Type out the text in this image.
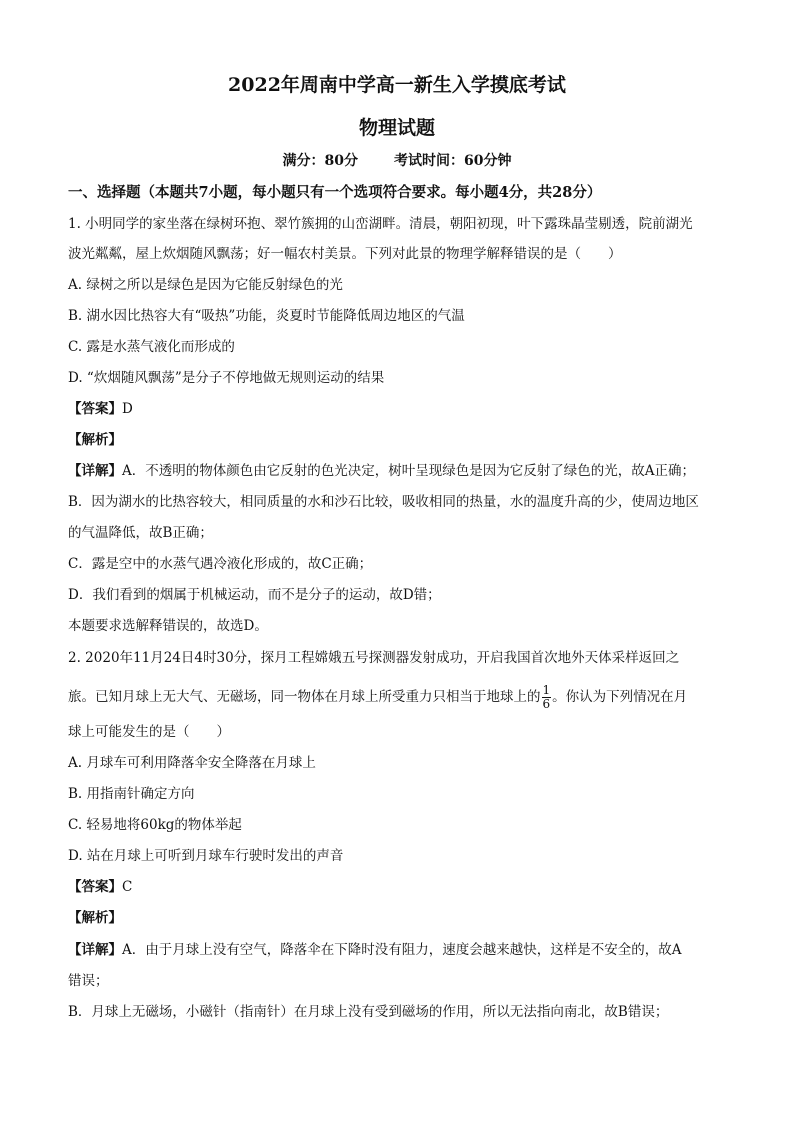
2022年周南中学高一新生入学摸底考试
物理试题
满分：80分	考试时间：60分钟
一、选择题（本题共7小题，每小题只有一个选项符合要求。每小题4分，共28分）
1. 小明同学的家坐落在绿树环抱、翠竹簇拥的山峦湖畔。清晨，朝阳初现，叶下露珠晶莹剔透，院前湖光
波光粼粼，屋上炊烟随风飘荡；好一幅农村美景。下列对此景的物理学解释错误的是（　　）
A. 绿树之所以是绿色是因为它能反射绿色的光
B. 湖水因比热容大有“吸热”功能，炎夏时节能降低周边地区的气温
C. 露是水蒸气液化而形成的
D. “炊烟随风飘荡”是分子不停地做无规则运动的结果
【答案】D
【解析】
【详解】A．不透明的物体颜色由它反射的色光决定，树叶呈现绿色是因为它反射了绿色的光，故A正确；
B．因为湖水的比热容较大，相同质量的水和沙石比较，吸收相同的热量，水的温度升高的少，使周边地区
的气温降低，故B正确；
C．露是空中的水蒸气遇冷液化形成的，故C正确；
D．我们看到的烟属于机械运动，而不是分子的运动，故D错；
本题要求选解释错误的，故选D。
2. 2020年11月24日4时30分，探月工程嫦娥五号探测器发射成功，开启我国首次地外天体采样返回之
旅。已知月球上无大气、无磁场，同一物体在月球上所受重力只相当于地球上的 $\frac{1}{6}$ 。你认为下列情况在月
球上可能发生的是（　　）
A. 月球车可利用降落伞安全降落在月球上
B. 用指南针确定方向
C. 轻易地将60kg的物体举起
D. 站在月球上可听到月球车行驶时发出的声音
【答案】C
【解析】
【详解】A．由于月球上没有空气，降落伞在下降时没有阻力，速度会越来越快，这样是不安全的，故A
错误；
B．月球上无磁场，小磁针（指南针）在月球上没有受到磁场的作用，所以无法指向南北，故B错误；
